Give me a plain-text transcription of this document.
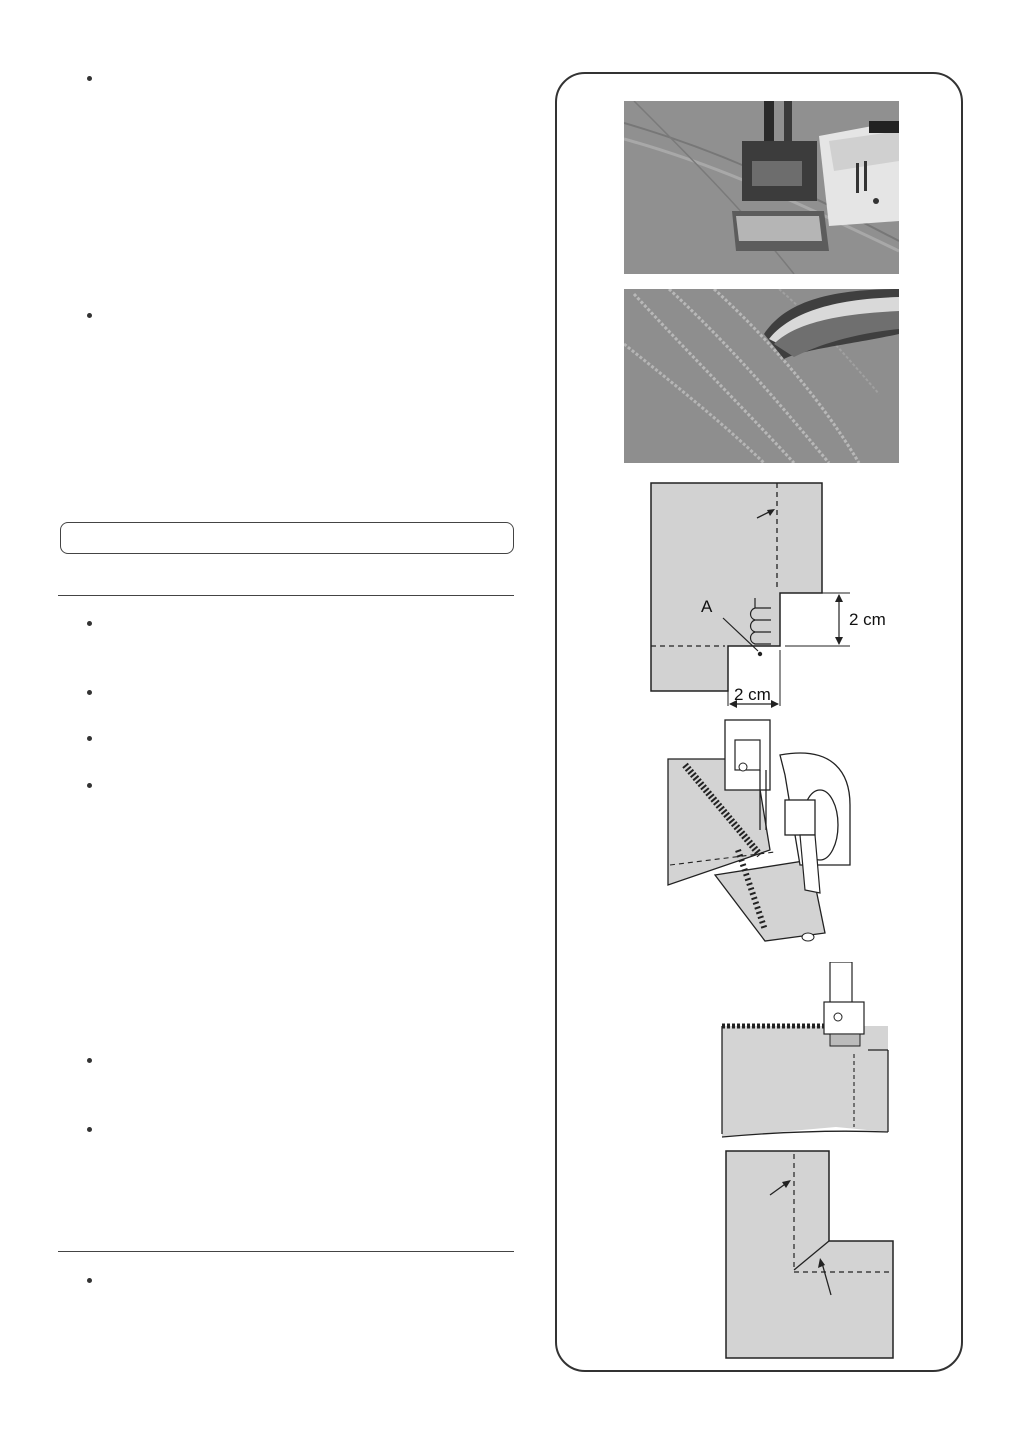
A
2 cm
2 cm
